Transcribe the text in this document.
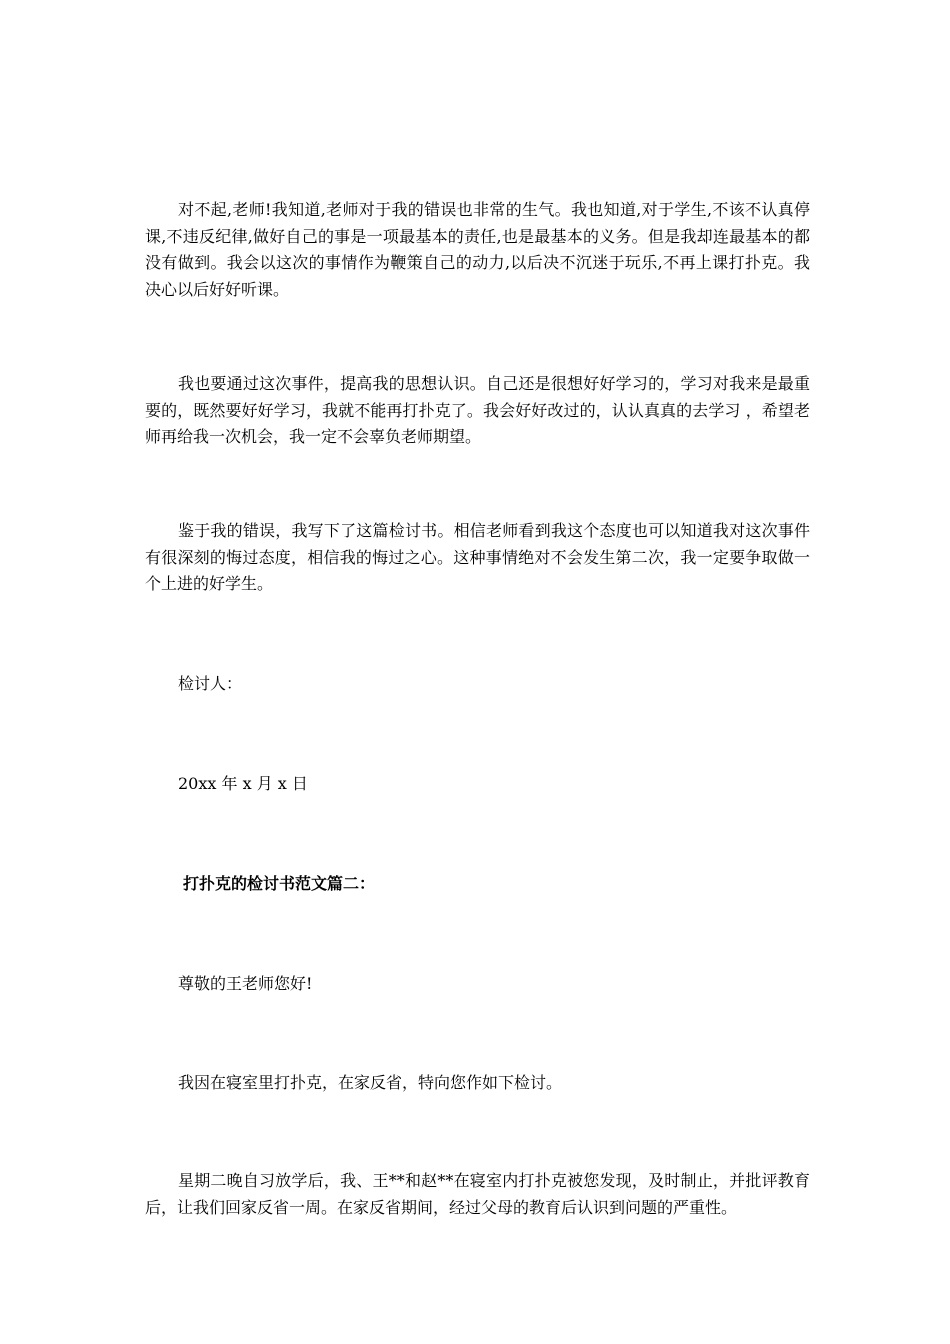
对不起,老师!我知道,老师对于我的错误也非常的生气。我也知道,对于学生,不该不认真停课,不违反纪律,做好自己的事是一项最基本的责任,也是最基本的义务。但是我却连最基本的都没有做到。我会以这次的事情作为鞭策自己的动力,以后决不沉迷于玩乐,不再上课打扑克。我决心以后好好听课。

我也要通过这次事件，提高我的思想认识。自己还是很想好好学习的，学习对我来是最重要的，既然要好好学习，我就不能再打扑克了。我会好好改过的，认认真真的去学习 ，希望老师再给我一次机会，我一定不会辜负老师期望。

鉴于我的错误，我写下了这篇检讨书。相信老师看到我这个态度也可以知道我对这次事件有很深刻的悔过态度，相信我的悔过之心。这种事情绝对不会发生第二次，我一定要争取做一个上进的好学生。

检讨人：

20xx 年 x 月 x 日

打扑克的检讨书范文篇二：

尊敬的王老师您好!

我因在寝室里打扑克，在家反省，特向您作如下检讨。

星期二晚自习放学后，我、王**和赵**在寝室内打扑克被您发现，及时制止，并批评教育后，让我们回家反省一周。在家反省期间，经过父母的教育后认识到问题的严重性。
